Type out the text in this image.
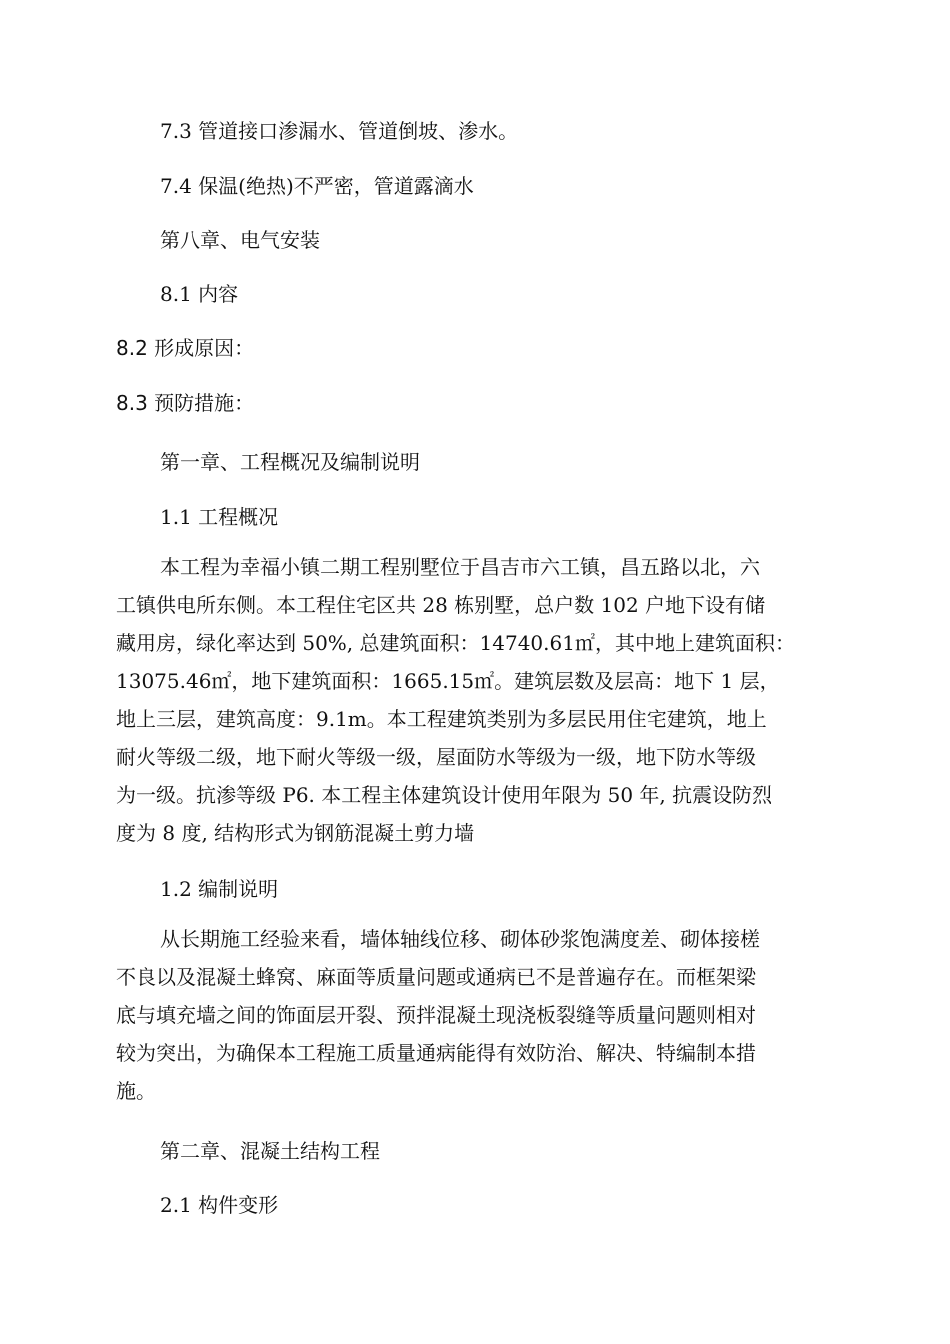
7.3 管道接口渗漏水、管道倒坡、渗水。
7.4 保温(绝热)不严密，管道露滴水
第八章、电气安装
8.1 内容
8.2 形成原因：
8.3 预防措施：
第一章、工程概况及编制说明
1.1 工程概况
本工程为幸福小镇二期工程别墅位于昌吉市六工镇，昌五路以北，六
工镇供电所东侧。本工程住宅区共 28 栋别墅，总户数 102 户地下设有储
藏用房，绿化率达到 50%, 总建筑面积：14740.61㎡，其中地上建筑面积：
13075.46㎡，地下建筑面积：1665.15㎡。建筑层数及层高：地下 1 层，
地上三层，建筑高度：9.1m。本工程建筑类别为多层民用住宅建筑，地上
耐火等级二级，地下耐火等级一级，屋面防水等级为一级，地下防水等级
为一级。抗渗等级 P6. 本工程主体建筑设计使用年限为 50 年, 抗震设防烈
度为 8 度, 结构形式为钢筋混凝土剪力墙
1.2 编制说明
从长期施工经验来看，墙体轴线位移、砌体砂浆饱满度差、砌体接槎
不良以及混凝土蜂窝、麻面等质量问题或通病已不是普遍存在。而框架梁
底与填充墙之间的饰面层开裂、预拌混凝土现浇板裂缝等质量问题则相对
较为突出，为确保本工程施工质量通病能得有效防治、解决、特编制本措
施。
第二章、混凝土结构工程
2.1 构件变形
